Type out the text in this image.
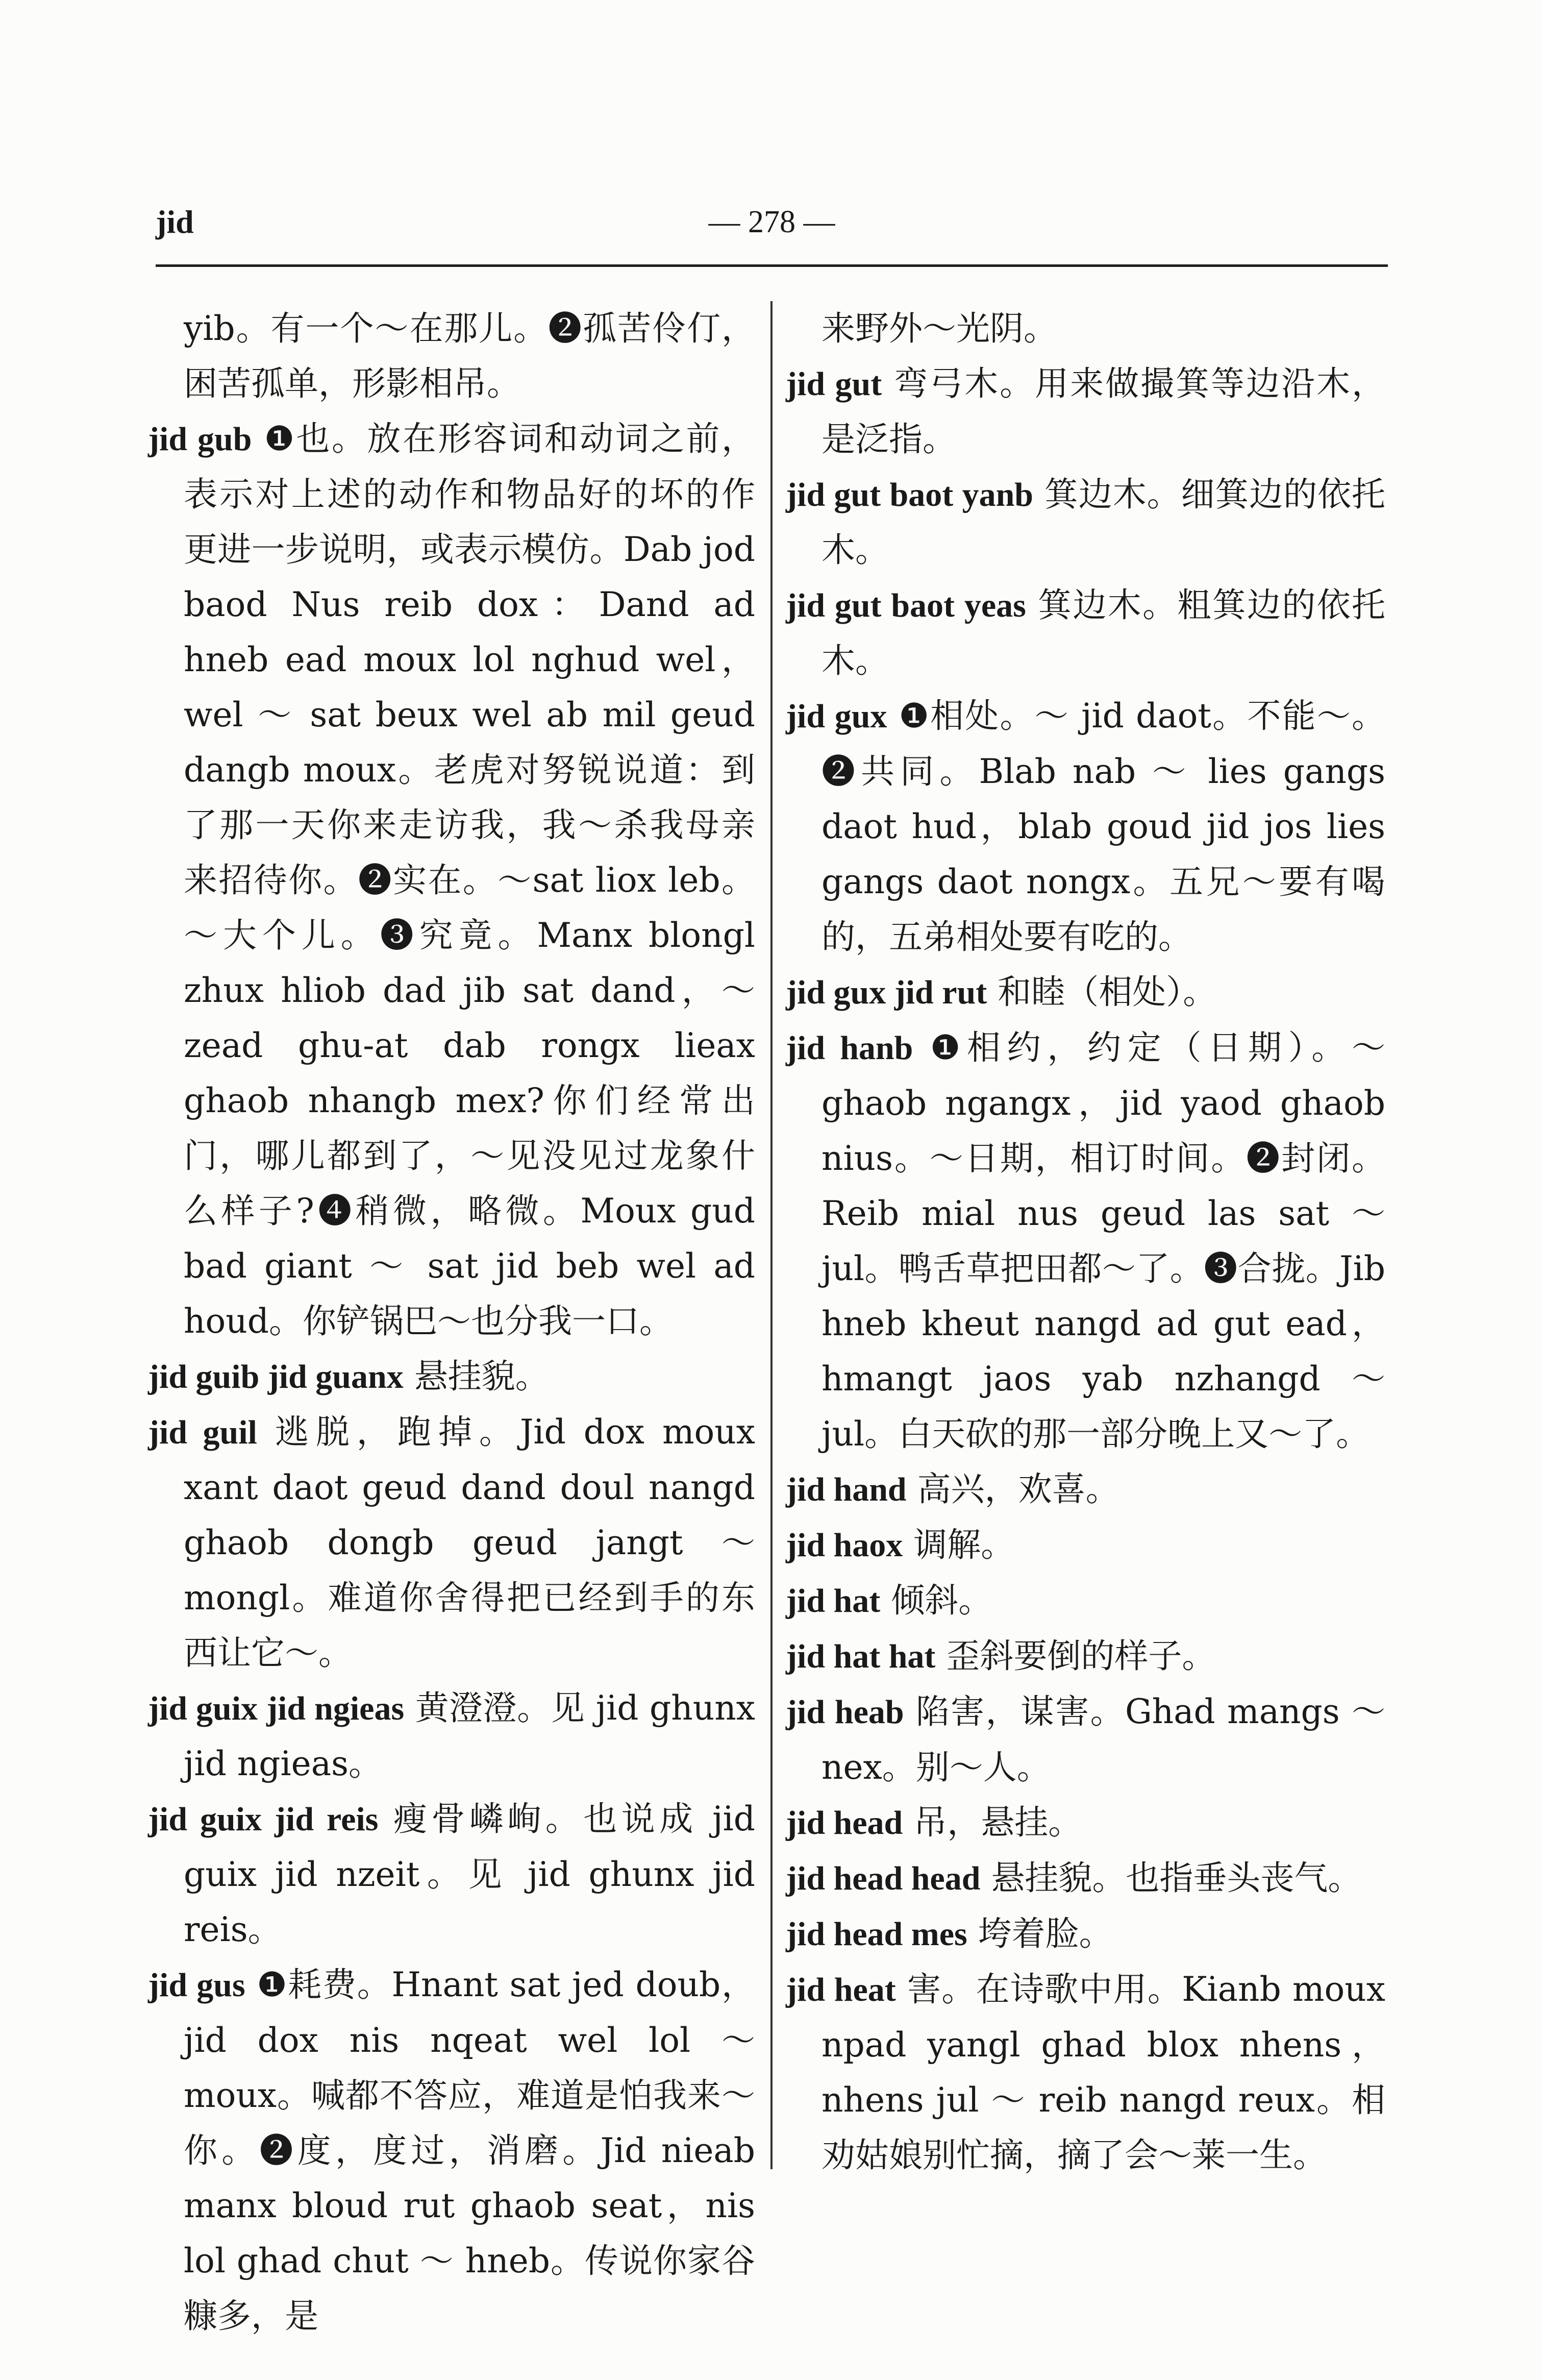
jid	— 278 —

yib。有一个～在那儿。❷孤苦伶仃，困苦孤单，形影相吊。

jid gub ❶也。放在形容词和动词之前，表示对上述的动作和物品好的坏的作更进一步说明，或表示模仿。Dab jod baod Nus reib dox：Dand ad hneb ead moux lol nghud wel，wel ～ sat beux wel ab mil geud dangb moux。老虎对努锐说道：到了那一天你来走访我，我～杀我母亲来招待你。❷实在。～sat liox leb。～大个儿。❸究竟。Manx blongl zhux hliob dad jib sat dand，～ zead ghu-at dab rongx lieax ghaob nhangb mex?你们经常出门，哪儿都到了，～见没见过龙象什么样子?❹稍微，略微。Moux gud bad giant ～ sat jid beb wel ad houd。你铲锅巴～也分我一口。

jid guib jid guanx 悬挂貌。

jid guil 逃脱，跑掉。Jid dox moux xant daot geud dand doul nangd ghaob dongb geud jangt ～ mongl。难道你舍得把已经到手的东西让它～。

jid guix jid ngieas 黄澄澄。见 jid ghunx jid ngieas。

jid guix jid reis 瘦骨嶙峋。也说成 jid guix jid nzeit。见 jid ghunx jid reis。

jid gus ❶耗费。Hnant sat jed doub，jid dox nis nqeat wel lol ～ moux。喊都不答应，难道是怕我来～你。❷度，度过，消磨。Jid nieab manx bloud rut ghaob seat，nis lol ghad chut ～ hneb。传说你家谷糠多，是

来野外～光阴。

jid gut 弯弓木。用来做撮箕等边沿木，是泛指。

jid gut baot yanb 箕边木。细箕边的依托木。

jid gut baot yeas 箕边木。粗箕边的依托木。

jid gux ❶相处。～ jid daot。不能～。❷共同。Blab nab ～ lies gangs daot hud，blab goud jid jos lies gangs daot nongx。五兄～要有喝的，五弟相处要有吃的。

jid gux jid rut 和睦（相处）。

jid hanb ❶相约，约定（日期）。～ ghaob ngangx，jid yaod ghaob nius。～日期，相订时间。❷封闭。Reib mial nus geud las sat ～ jul。鸭舌草把田都～了。❸合拢。Jib hneb kheut nangd ad gut ead，hmangt jaos yab nzhangd ～ jul。白天砍的那一部分晚上又～了。

jid hand 高兴，欢喜。

jid haox 调解。

jid hat 倾斜。

jid hat hat 歪斜要倒的样子。

jid heab 陷害，谋害。Ghad mangs ～ nex。别～人。

jid head 吊，悬挂。

jid head head 悬挂貌。也指垂头丧气。

jid head mes 垮着脸。

jid heat 害。在诗歌中用。Kianb moux npad yangl ghad blox nhens，nhens jul ～ reib nangd reux。相劝姑娘别忙摘，摘了会～莱一生。
